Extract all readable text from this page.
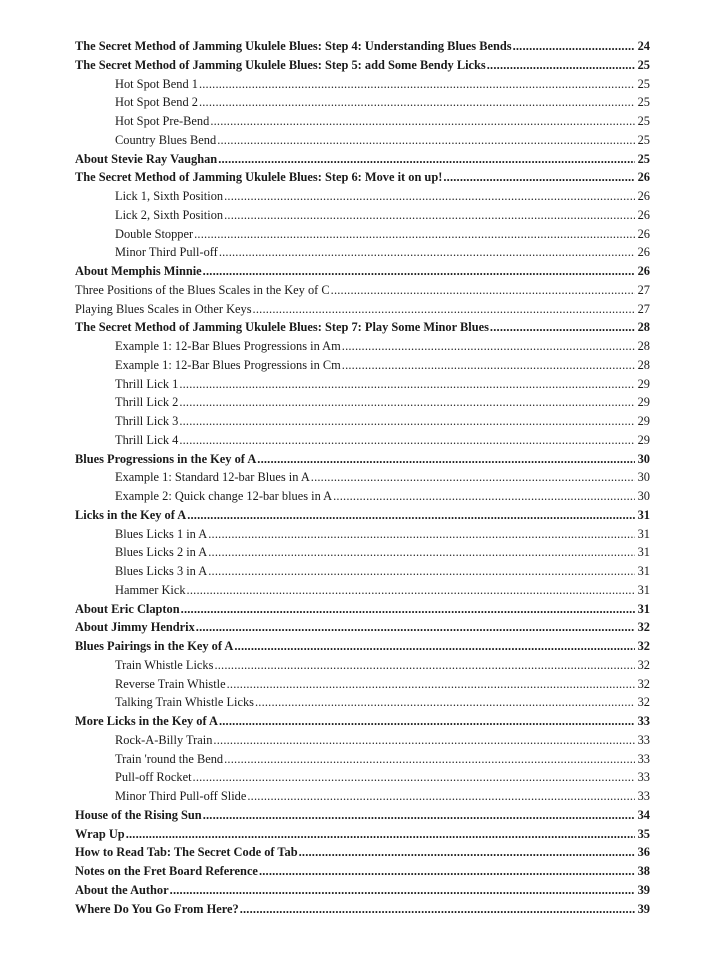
The Secret Method of Jamming Ukulele Blues: Step 4: Understanding Blues Bends .....	24
The Secret Method of Jamming Ukulele Blues: Step 5: add Some Bendy Licks .....	25
Hot Spot Bend 1 .....	25
Hot Spot Bend 2 .....	25
Hot Spot Pre-Bend .....	25
Country Blues Bend .....	25
About Stevie Ray Vaughan .....	25
The Secret Method of Jamming Ukulele Blues: Step 6: Move it on up! .....	26
Lick 1, Sixth Position .....	26
Lick 2, Sixth Position .....	26
Double Stopper .....	26
Minor Third Pull-off .....	26
About Memphis Minnie .....	26
Three Positions of the Blues Scales in the Key of C .....	27
Playing Blues Scales in Other Keys .....	27
The Secret Method of Jamming Ukulele Blues: Step 7: Play Some Minor Blues .....	28
Example 1: 12-Bar Blues Progressions in Am .....	28
Example 1: 12-Bar Blues Progressions in Cm .....	28
Thrill Lick 1 .....	29
Thrill Lick 2 .....	29
Thrill Lick 3 .....	29
Thrill Lick 4 .....	29
Blues Progressions in the Key of A .....	30
Example 1: Standard 12-bar Blues in A .....	30
Example 2: Quick change 12-bar blues in A .....	30
Licks in the Key of A .....	31
Blues Licks 1 in A .....	31
Blues Licks 2 in A .....	31
Blues Licks 3 in A .....	31
Hammer Kick .....	31
About Eric Clapton .....	31
About Jimmy Hendrix .....	32
Blues Pairings in the Key of A .....	32
Train Whistle Licks .....	32
Reverse Train Whistle .....	32
Talking Train Whistle Licks .....	32
More Licks in the Key of A .....	33
Rock-A-Billy Train .....	33
Train 'round the Bend .....	33
Pull-off Rocket .....	33
Minor Third Pull-off Slide .....	33
House of the Rising Sun .....	34
Wrap Up .....	35
How to Read Tab: The Secret Code of Tab .....	36
Notes on the Fret Board Reference .....	38
About the Author .....	39
Where Do You Go From Here? .....	39
